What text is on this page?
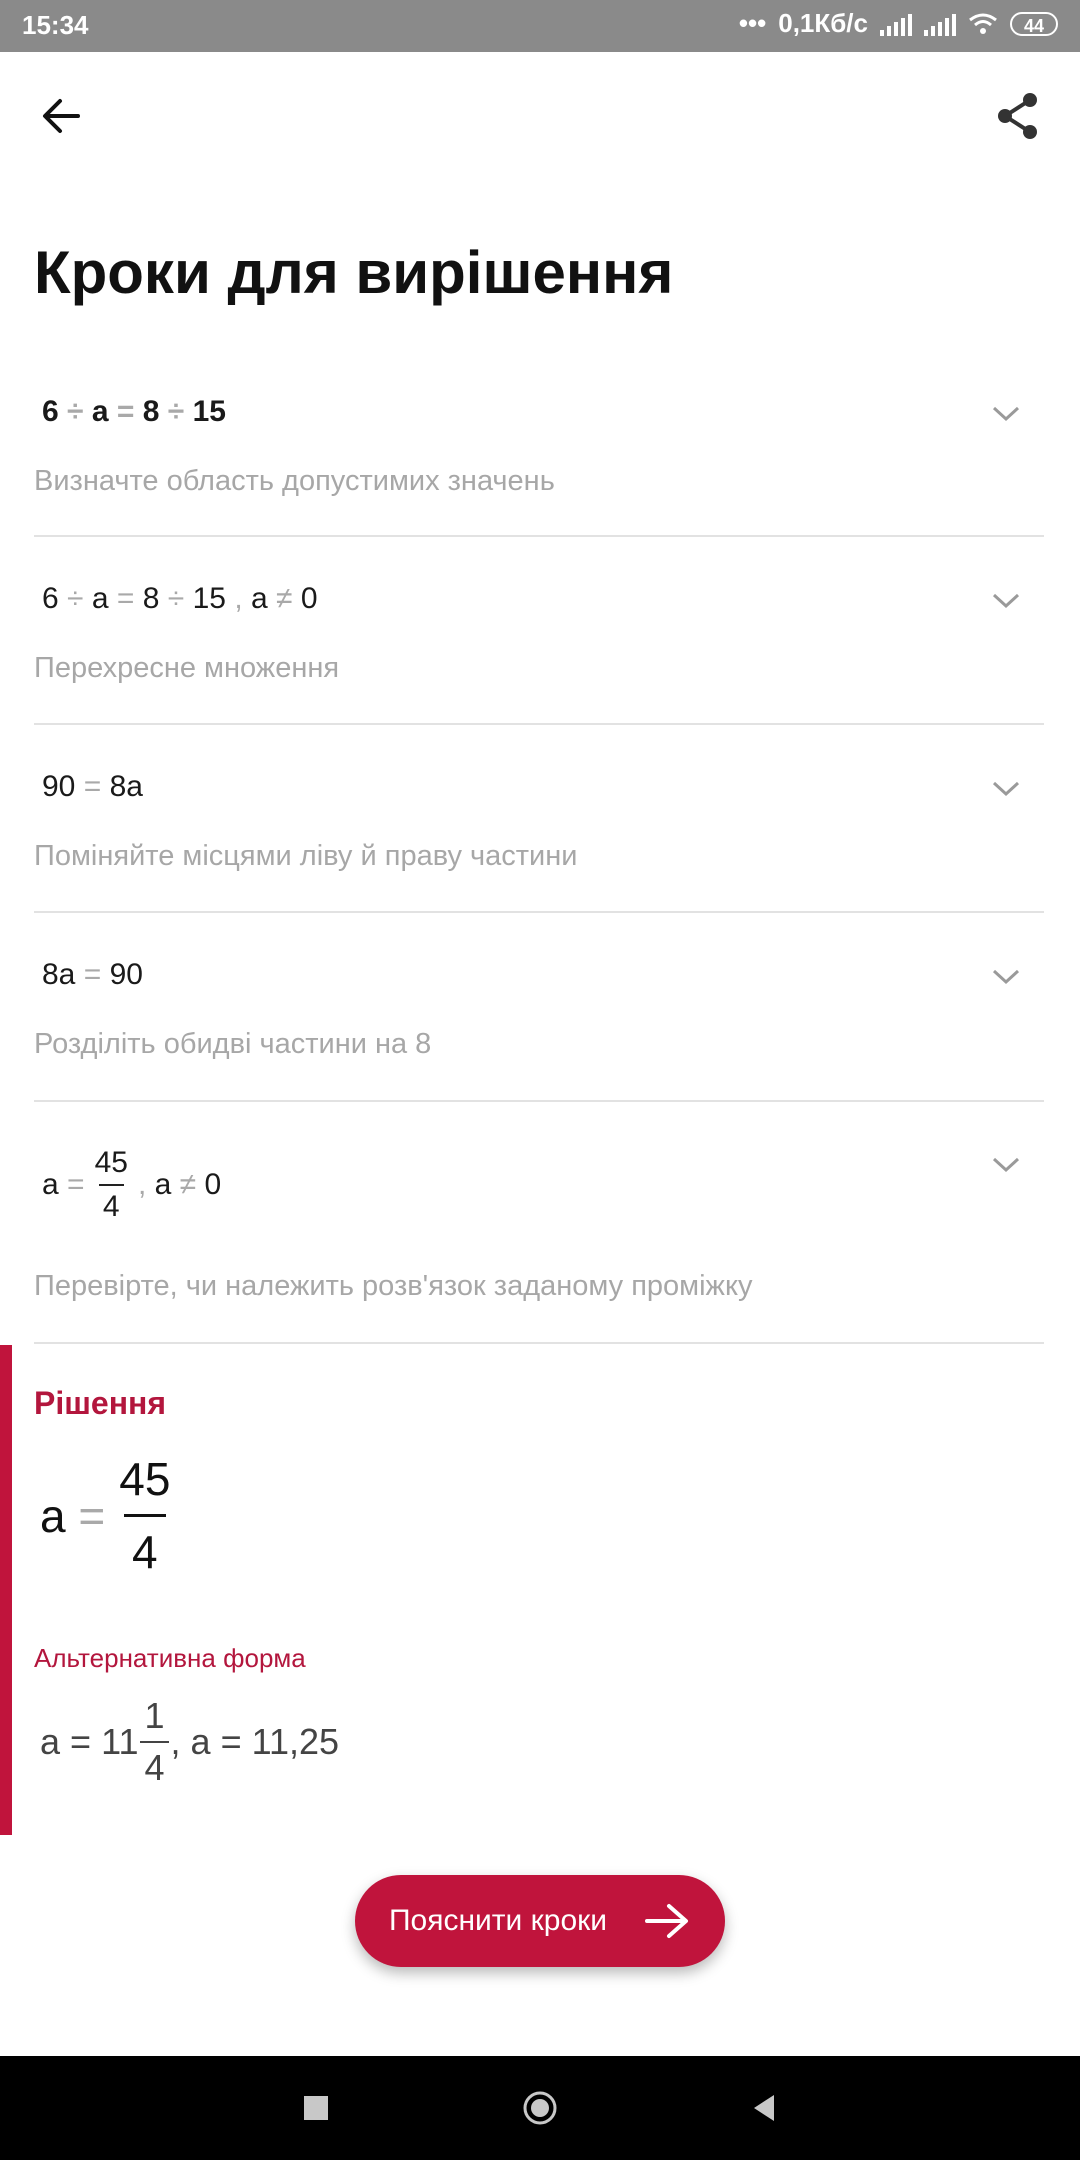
15:34	••• 0,1Кб/с	44
Кроки для вирішення
6 ÷ a = 8 ÷ 15
Визначте область допустимих значень
6 ÷ a = 8 ÷ 15 , a ≠ 0
Перехресне множення
90 = 8a
Поміняйте місцями ліву й праву частини
8a = 90
Розділіть обидві частини на 8
a
= $\frac{45}{4}$ ,
a
≠
0
Перевірте, чи належить розв'язок заданому проміжку
Рішення
a
= $\frac{45}{4}$
Альтернативна форма
a
=
$11 \frac{1}{4}$ ,
a
=
11,25
Пояснити кроки
